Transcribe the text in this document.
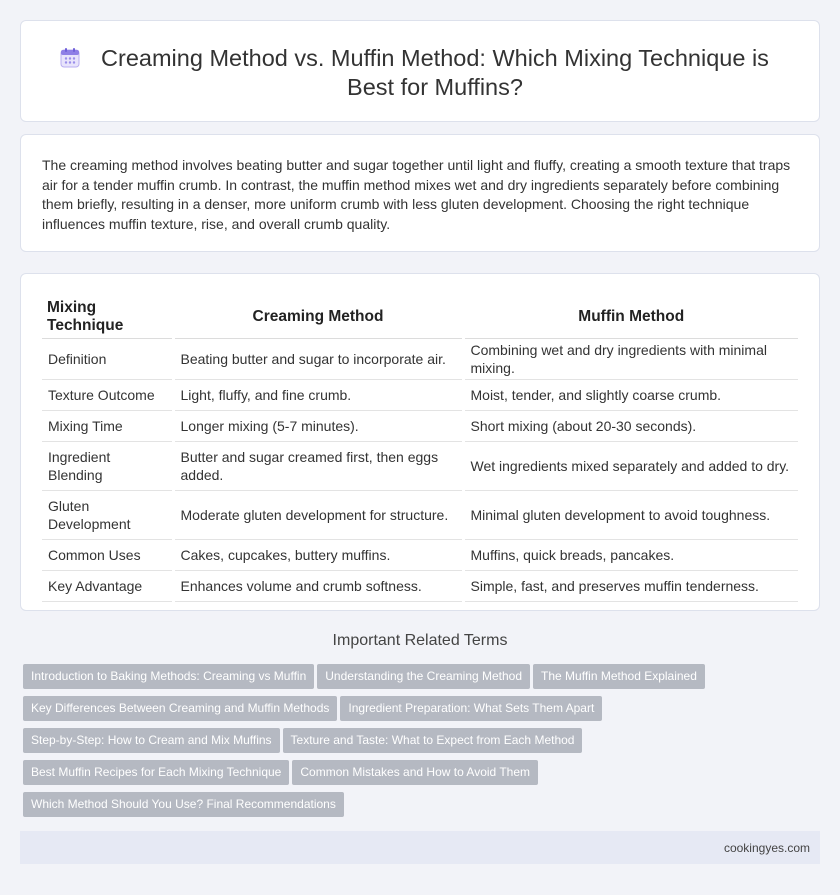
Creaming Method vs. Muffin Method: Which Mixing Technique is Best for Muffins?

The creaming method involves beating butter and sugar together until light and fluffy, creating a smooth texture that traps air for a tender muffin crumb. In contrast, the muffin method mixes wet and dry ingredients separately before combining them briefly, resulting in a denser, more uniform crumb with less gluten development. Choosing the right technique influences muffin texture, rise, and overall crumb quality.

Mixing Technique	Creaming Method	Muffin Method
Definition	Beating butter and sugar to incorporate air.	Combining wet and dry ingredients with minimal mixing.
Texture Outcome	Light, fluffy, and fine crumb.	Moist, tender, and slightly coarse crumb.
Mixing Time	Longer mixing (5-7 minutes).	Short mixing (about 20-30 seconds).
Ingredient Blending	Butter and sugar creamed first, then eggs added.	Wet ingredients mixed separately and added to dry.
Gluten Development	Moderate gluten development for structure.	Minimal gluten development to avoid toughness.
Common Uses	Cakes, cupcakes, buttery muffins.	Muffins, quick breads, pancakes.
Key Advantage	Enhances volume and crumb softness.	Simple, fast, and preserves muffin tenderness.
Important Related Terms
Introduction to Baking Methods: Creaming vs Muffin Understanding the Creaming Method The Muffin Method Explained
Key Differences Between Creaming and Muffin Methods Ingredient Preparation: What Sets Them Apart
Step-by-Step: How to Cream and Mix Muffins Texture and Taste: What to Expect from Each Method
Best Muffin Recipes for Each Mixing Technique Common Mistakes and How to Avoid Them
Which Method Should You Use? Final Recommendations
cookingyes.com
